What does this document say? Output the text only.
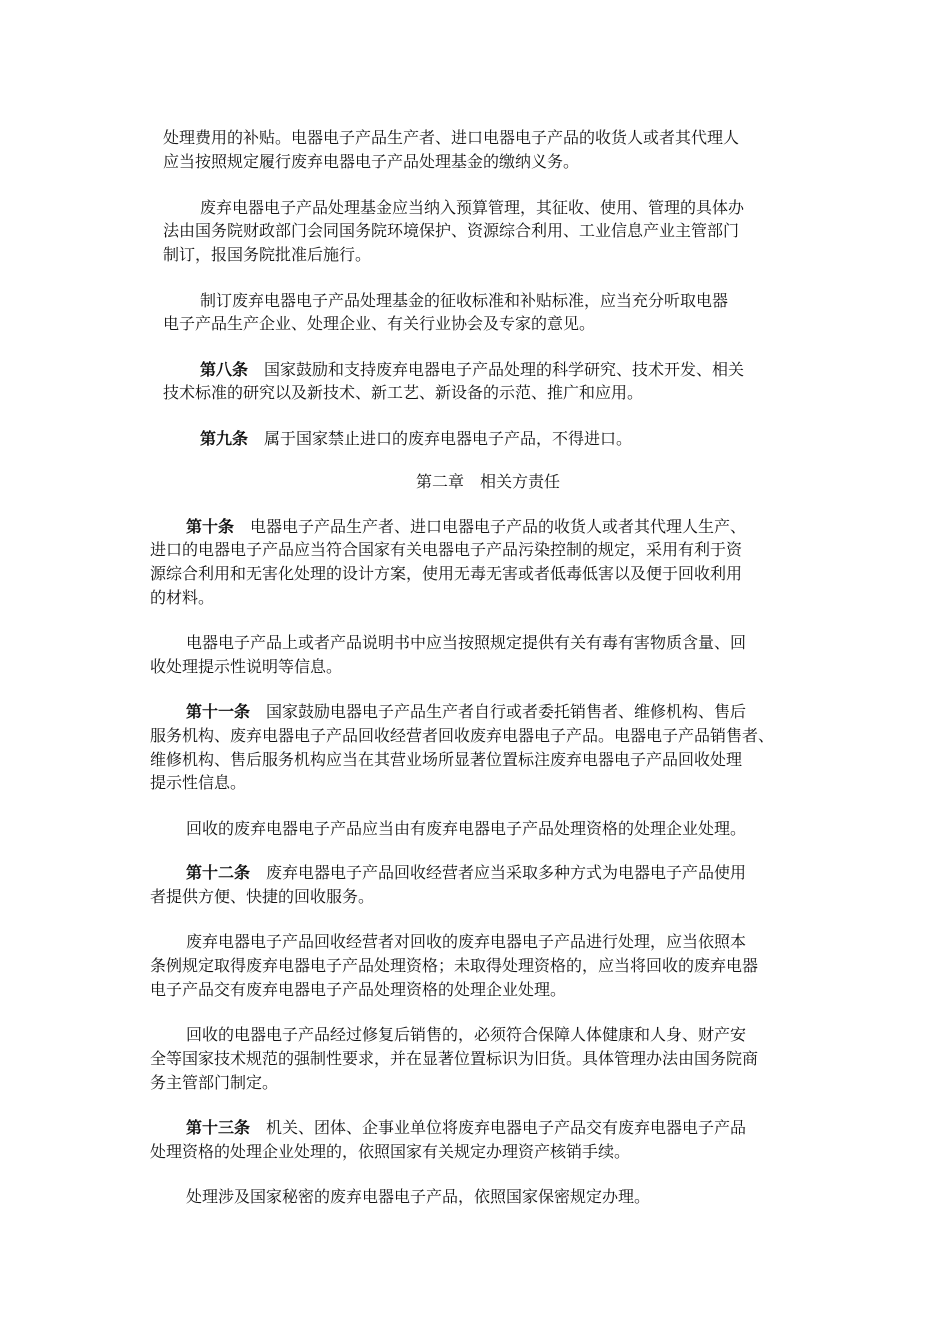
处理费用的补贴。电器电子产品生产者、进口电器电子产品的收货人或者其代理人
应当按照规定履行废弃电器电子产品处理基金的缴纳义务。
废弃电器电子产品处理基金应当纳入预算管理，其征收、使用、管理的具体办
法由国务院财政部门会同国务院环境保护、资源综合利用、工业信息产业主管部门
制订，报国务院批准后施行。
制订废弃电器电子产品处理基金的征收标准和补贴标准，应当充分听取电器
电子产品生产企业、处理企业、有关行业协会及专家的意见。
第八条　 国家鼓励和支持废弃电器电子产品处理的科学研究、技术开发、相关
技术标准的研究以及新技术、新工艺、新设备的示范、推广和应用。
第九条　 属于国家禁止进口的废弃电器电子产品，不得进口。
第二章　相关方责任
第十条　 电器电子产品生产者、进口电器电子产品的收货人或者其代理人生产、
进口的电器电子产品应当符合国家有关电器电子产品污染控制的规定，采用有利于资
源综合利用和无害化处理的设计方案，使用无毒无害或者低毒低害以及便于回收利用
的材料。
电器电子产品上或者产品说明书中应当按照规定提供有关有毒有害物质含量、回
收处理提示性说明等信息。
第十一条　 国家鼓励电器电子产品生产者自行或者委托销售者、维修机构、售后
服务机构、废弃电器电子产品回收经营者回收废弃电器电子产品。电器电子产品销售者、
维修机构、售后服务机构应当在其营业场所显著位置标注废弃电器电子产品回收处理
提示性信息。
回收的废弃电器电子产品应当由有废弃电器电子产品处理资格的处理企业处理。
第十二条　 废弃电器电子产品回收经营者应当采取多种方式为电器电子产品使用
者提供方便、快捷的回收服务。
废弃电器电子产品回收经营者对回收的废弃电器电子产品进行处理，应当依照本
条例规定取得废弃电器电子产品处理资格；未取得处理资格的，应当将回收的废弃电器
电子产品交有废弃电器电子产品处理资格的处理企业处理。
回收的电器电子产品经过修复后销售的，必须符合保障人体健康和人身、财产安
全等国家技术规范的强制性要求，并在显著位置标识为旧货。具体管理办法由国务院商
务主管部门制定。
第十三条　 机关、团体、企事业单位将废弃电器电子产品交有废弃电器电子产品
处理资格的处理企业处理的，依照国家有关规定办理资产核销手续。
处理涉及国家秘密的废弃电器电子产品，依照国家保密规定办理。
